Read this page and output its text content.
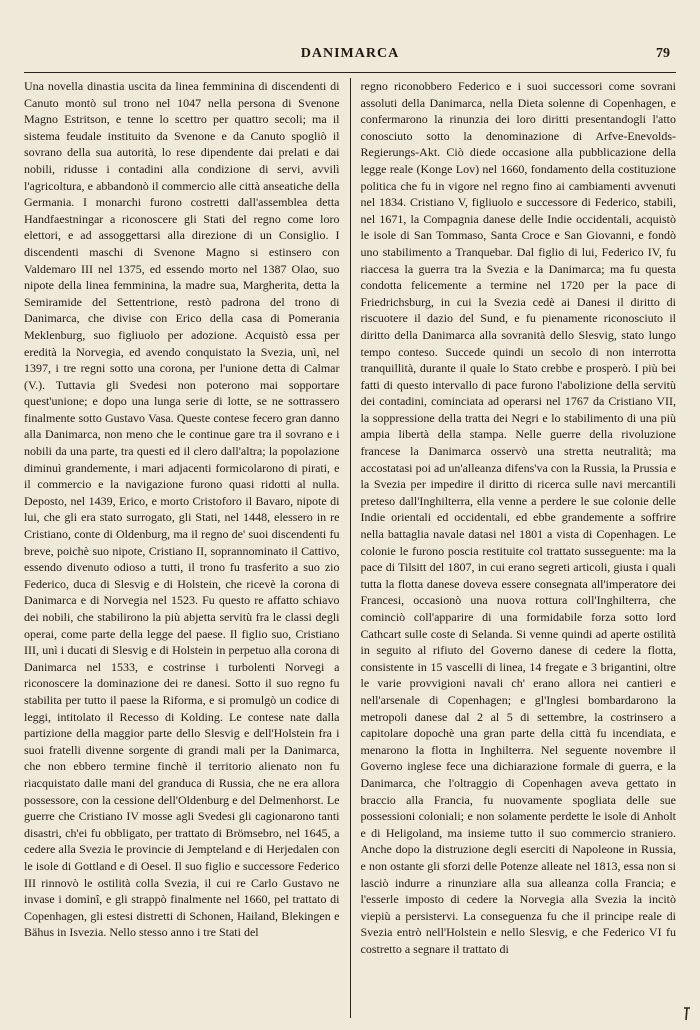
DANIMARCA	79

Una novella dinastia uscita da linea femminina di discendenti di Canuto montò sul trono nel 1047 nella persona di Svenone Magno Estritson, e tenne lo scettro per quattro secoli; ma il sistema feudale instituito da Svenone e da Canuto spogliò il sovrano della sua autorità, lo rese dipendente dai prelati e dai nobili, ridusse i contadini alla condizione di servi, avvilì l'agricoltura, e abbandonò il commercio alle città anseatiche della Germania. I monarchi furono costretti dall'assemblea detta Handfaestningar a riconoscere gli Stati del regno come loro elettori, e ad assoggettarsi alla direzione di un Consiglio. I discendenti maschi di Svenone Magno si estinsero con Valdemaro III nel 1375, ed essendo morto nel 1387 Olao, suo nipote della linea femminina, la madre sua, Margherita, detta la Semiramide del Settentrione, restò padrona del trono di Danimarca, che divise con Erico della casa di Pomerania Meklenburg, suo figliuolo per adozione. Acquistò essa per eredità la Norvegia, ed avendo conquistato la Svezia, unì, nel 1397, i tre regni sotto una corona, per l'unione detta di Calmar (V.). Tuttavia gli Svedesi non poterono mai sopportare quest'unione; e dopo una lunga serie di lotte, se ne sottrassero finalmente sotto Gustavo Vasa. Queste contese fecero gran danno alla Danimarca, non meno che le continue gare tra il sovrano e i nobili da una parte, tra questi ed il clero dall'altra; la popolazione diminuì grandemente, i mari adjacenti formicolarono di pirati, e il commercio e la navigazione furono quasi ridotti al nulla. Deposto, nel 1439, Erico, e morto Cristoforo il Bavaro, nipote di lui, che gli era stato surrogato, gli Stati, nel 1448, elessero in re Cristiano, conte di Oldenburg, ma il regno de' suoi discendenti fu breve, poichè suo nipote, Cristiano II, soprannominato il Cattivo, essendo divenuto odioso a tutti, il trono fu trasferito a suo zio Federico, duca di Slesvig e di Holstein, che ricevè la corona di Danimarca e di Norvegia nel 1523. Fu questo re affatto schiavo dei nobili, che stabilirono la più abjetta servitù fra le classi degli operai, come parte della legge del paese. Il figlio suo, Cristiano III, unì i ducati di Slesvig e di Holstein in perpetuo alla corona di Danimarca nel 1533, e costrinse i turbolenti Norvegi a riconoscere la dominazione dei re danesi. Sotto il suo regno fu stabilita per tutto il paese la Riforma, e si promulgò un codice di leggi, intitolato il Recesso di Kolding. Le contese nate dalla partizione della maggior parte dello Slesvig e dell'Holstein fra i suoi fratelli divenne sorgente di grandi mali per la Danimarca, che non ebbero termine finchè il territorio alienato non fu riacquistato dalle mani del granduca di Russia, che ne era allora possessore, con la cessione dell'Oldenburg e del Delmenhorst. Le guerre che Cristiano IV mosse agli Svedesi gli cagionarono tanti disastri, ch'ei fu obbligato, per trattato di Brömsebro, nel 1645, a cedere alla Svezia le provincie di Jempteland e di Herjedalen con le isole di Gottland e di Oesel. Il suo figlio e successore Federico III rinnovò le ostilità colla Svezia, il cui re Carlo Gustavo ne invase i dominî, e gli strappò finalmente nel 1660, pel trattato di Copenhagen, gli estesi distretti di Schonen, Hailand, Blekingen e Bähus in Isvezia. Nello stesso anno i tre Stati del

regno riconobbero Federico e i suoi successori come sovrani assoluti della Danimarca, nella Dieta solenne di Copenhagen, e confermarono la rinunzia dei loro diritti presentandogli l'atto conosciuto sotto la denominazione di Arfve-Enevolds-Regierungs-Akt. Ciò diede occasione alla pubblicazione della legge reale (Konge Lov) nel 1660, fondamento della costituzione politica che fu in vigore nel regno fino ai cambiamenti avvenuti nel 1834. Cristiano V, figliuolo e successore di Federico, stabilì, nel 1671, la Compagnia danese delle Indie occidentali, acquistò le isole di San Tommaso, Santa Croce e San Giovanni, e fondò uno stabilimento a Tranquebar. Dal figlio di lui, Federico IV, fu riaccesa la guerra tra la Svezia e la Danimarca; ma fu questa condotta felicemente a termine nel 1720 per la pace di Friedrichsburg, in cui la Svezia cedè ai Danesi il diritto di riscuotere il dazio del Sund, e fu pienamente riconosciuto il diritto della Danimarca alla sovranità dello Slesvig, stato lungo tempo conteso. Succede quindi un secolo di non interrotta tranquillità, durante il quale lo Stato crebbe e prosperò. I più bei fatti di questo intervallo di pace furono l'abolizione della servitù dei contadini, cominciata ad operarsi nel 1767 da Cristiano VII, la soppressione della tratta dei Negri e lo stabilimento di una più ampia libertà della stampa. Nelle guerre della rivoluzione francese la Danimarca osservò una stretta neutralità; ma accostatasi poi ad un'alleanza difens'va con la Russia, la Prussia e la Svezia per impedire il diritto di ricerca sulle navi mercantili preteso dall'Inghilterra, ella venne a perdere le sue colonie delle Indie orientali ed occidentali, ed ebbe grandemente a soffrire nella battaglia navale datasi nel 1801 a vista di Copenhagen. Le colonie le furono poscia restituite col trattato susseguente: ma la pace di Tilsitt del 1807, in cui erano segreti articoli, giusta i quali tutta la flotta danese doveva essere consegnata all'imperatore dei Francesi, occasionò una nuova rottura coll'Inghilterra, che cominciò coll'apparire di una formidabile forza sotto lord Cathcart sulle coste di Selanda. Si venne quindi ad aperte ostilità in seguito al rifiuto del Governo danese di cedere la flotta, consistente in 15 vascelli di linea, 14 fregate e 3 brigantini, oltre le varie provvigioni navali ch' erano allora nei cantieri e nell'arsenale di Copenhagen; e gl'Inglesi bombardarono la metropoli danese dal 2 al 5 di settembre, la costrinsero a capitolare dopochè una gran parte della città fu incendiata, e menarono la flotta in Inghilterra. Nel seguente novembre il Governo inglese fece una dichiarazione formale di guerra, e la Danimarca, che l'oltraggio di Copenhagen aveva gettato in braccio alla Francia, fu nuovamente spogliata delle sue possessioni coloniali; e non solamente perdette le isole di Anholt e di Heligoland, ma insieme tutto il suo commercio straniero. Anche dopo la distruzione degli eserciti di Napoleone in Russia, e non ostante gli sforzi delle Potenze alleate nel 1813, essa non si lasciò indurre a rinunziare alla sua alleanza colla Francia; e l'esserle imposto di cedere la Norvegia alla Svezia la incitò viepiù a persistervi. La conseguenza fu che il principe reale di Svezia entrò nell'Holstein e nello Slesvig, e che Federico VI fu costretto a segnare il trattato di
